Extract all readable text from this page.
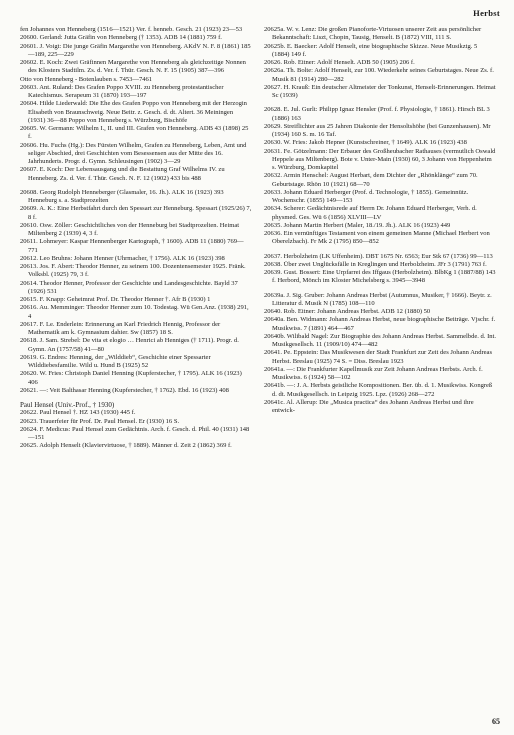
Herbst

fen Johannes von Henneberg (1516—1521) Ver. f. henneb. Gesch. 21 (1923) 23—53

20600. Gerland: Jutta Gräfin von Henneberg († 1353). ADB 14 (1881) 759 f.

20601. J. Voigt: Die junge Gräfin Margarethe von Henneberg. AKdV N. F. 8 (1861) 185—189, 225—229

20602. E. Koch: Zwei Gräfinnen Margarethe von Henneberg als gleichzeitige Nonnen des Klosters Stadtilm. Zs. d. Ver. f. Thür. Gesch. N. F. 15 (1905) 387—396

Otto von Henneberg - Botenlauben s. 7453—7461

20603. Ant. Ruland: Des Grafen Poppo XVIII. zu Henneberg protestantischer Katechismus. Serapeum 31 (1870) 193—197

20604. Hilde Liederwald: Die Ehe des Grafen Poppo von Henneberg mit der Herzogin Elisabeth von Braunschweig. Neue Beitr. z. Gesch. d. dt. Altert. 36 Meiningen (1931) 36—88 Poppo von Henneberg s. Würzburg, Bischöfe

20605. W. Germann: Wilhelm I., II. und III. Grafen von Henneberg. ADB 43 (1898) 25 f.

20606. Hu. Fuchs (Hg.): Des Fürsten Wilhelm, Grafen zu Henneberg, Leben, Amt und seliger Abschied, drei Geschichten vom Besessensen aus der Mitte des 16. Jahrhunderts. Progr. d. Gymn. Schleusingen (1902) 3—29

20607. E. Koch: Der Lebensausgang und die Bestattung Graf Wilhelms IV. zu Henneberg. Zs. d. Ver. f. Thür. Gesch. N. F. 12 (1902) 433 bis 488

20608. Georg Rudolph Henneberger (Glasmaler, 16. Jh.). ALK 16 (1923) 393 Henneburg s. a. Stadtprozelten

20609. A. K.: Eine Herbstfahrt durch den Spessart zur Henneburg. Spessart (1925/26) 7, 8 f.

20610. Osw. Zöller: Geschichtliches von der Henneburg bei Stadtprozelten. Heimat Miltenberg 2 (1939) 4, 3 f.

20611. Lohmeyer: Kaspar Hennenberger Kartograph, † 1600). ADB 11 (1880) 769—771

20612. Leo Bruhns: Johann Henner (Uhrmacher, † 1756). ALK 16 (1923) 398

20613. Jos. F. Abert: Theodor Henner, zu seinem 100. Dozentensemester 1925. Fränk. Volksbl. (1925) 79, 3 f.

20614. Theodor Henner, Professor der Geschichte und Landesgeschichte. Bayld 37 (1926) 531

20615. F. Knapp: Geheimrat Prof. Dr. Theodor Henner †. Afr B (1930) 1

20616. Au. Memminger: Theodor Henner zum 10. Todestag. Wü Gen.Anz. (1938) 291, 4

20617. F. Le. Enderlein: Erinnerung an Karl Friedrich Hennig, Professor der Mathematik am k. Gymnasium dahier. Sw (1857) 18 S.

20618. J. Sam. Strebel: De vita et elogio … Henrici ab Henniges († 1711). Progr. d. Gymn. An (1757/58) 41—80

20619. G. Endres: Henning, der „Wilddieb“, Geschichte einer Spessarter Wilddiebesfamilie. Wild u. Hund B (1925) 52

20620. W. Fries: Christoph Daniel Henning (Kupferstecher, † 1795). ALK 16 (1923) 406

20621. —: Veit Balthasar Henning (Kupferstecher, † 1762). Ebd. 16 (1923) 408

Paul Hensel (Univ.-Prof., † 1930)

20622. Paul Hensel †. HZ 143 (1930) 445 f.

20623. Trauerfeier für Prof. Dr. Paul Hensel. Er (1930) 16 S.

20624. F. Medicus: Paul Hensel zum Gedächtnis. Arch. f. Gesch. d. Phil. 40 (1931) 148—151

20625. Adolph Henselt (Klaviervirtuose, † 1889). Männer d. Zeit 2 (1862) 369 f.

20625a. W. v. Lenz: Die großen Pianoforte-Virtuosen unserer Zeit aus persönlicher Bekanntschaft: Liszt, Chopin, Tausig, Henselt. B (1872) VIII, 111 S.

20625b. E. Baecker: Adolf Henselt, eine biographische Skizze. Neue Musikztg. 5 (1884) 149 f.

20626. Rob. Eitner: Adolf Henselt. ADB 50 (1905) 206 f.

20626a. Th. Bolte: Adolf Henselt, zur 100. Wiederkehr seines Geburtstages. Neue Zs. f. Musik 81 (1914) 280—282

20627. H. Krauß: Ein deutscher Altmeister der Tonkunst, Henselt-Erinnerungen. Heimat Sc (1939)

20628. E. Jul. Gurlt: Philipp Ignaz Hensler (Prof. f. Physiologie, † 1861). Hirsch BL 3 (1886) 163

20629. Streiflichter aus 25 Jahren Diakonie der Hensoltshöhe (bei Gunzenhausen). Mr (1934) 160 S. m. 16 Taf.

20630. W. Fries: Jakob Hepner (Kunstschreiner, † 1649). ALK 16 (1923) 438

20631. Fe. Götzelmann: Der Erbauer des Großheubacher Rathauses (vermutlich Oswald Heppele aus Miltenberg). Bote v. Unter-Main (1930) 60, 3 Johann von Heppenheim s. Würzburg, Domkapitel

20632. Armin Henschel: August Herbart, dem Dichter der „Rhönklänge“ zum 70. Geburtstage. Rhön 10 (1921) 68—70

20633. Johann Eduard Herberger (Prof. d. Technologie, † 1855). Gemeinnütz. Wochenschr. (1855) 149—153

20634. Scherer: Gedächtnisrede auf Herrn Dr. Johann Eduard Herberger, Verh. d. physmed. Ges. Wü 6 (1856) XLVIII—LV

20635. Johann Martin Herbert (Maler, 18./19. Jh.). ALK 16 (1923) 449

20636. Ein vernünftiges Testament von einem gemeinen Manne (Michael Herbert von Oberelzbach). Fr Mk 2 (1795) 850—852

20637. Herbolzheim (LK Uffenheim). DBT 1675 Nr. 6563; Eur Stk 67 (1736) 99—113

20638. Über zwei Unglücksfälle in Kreglingen und Herbolzheim. JFr 3 (1791) 763 f.

20639. Gust. Bossert: Eine Urpfarrei des Iffgaus (Herbolzheim). BlbKg 1 (1887/88) 143 f. Herbord, Mönch im Kloster Michelsberg s. 3945—3948

20639a. J. Sig. Gruber: Johann Andreas Herbst (Autumnus, Musiker, † 1666). Beytr. z. Litteratur d. Musik N (1785) 108—110

20640. Rob. Eitner: Johann Andreas Herbst. ADB 12 (1880) 50

20640a. Ben. Widmann: Johann Andreas Herbst, neue biographische Beiträge. Vjschr. f. Musikwiss. 7 (1891) 464—467

20640b. Wilibald Nagel: Zur Biographie des Johann Andreas Herbst. Sammelbde. d. Int. Musikgesellsch. 11 (1909/10) 474—482

20641. Pe. Eppstein: Das Musikwesen der Stadt Frankfurt zur Zeit des Johann Andreas Herbst. Breslau (1925) 74 S. = Diss. Breslau 1923

20641a. —: Die Frankfurter Kapellmusik zur Zeit Johann Andreas Herbsts. Arch. f. Musikwiss. 6 (1924) 58—102

20641b. —: J. A. Herbsts geistliche Kompositionen. Ber. üb. d. 1. Musikwiss. Kongreß d. dt. Musikgesellsch. in Leipzig 1925. Lpz. (1926) 268—272

20641c. Al. Allerup: Die „Musica practica“ des Johann Andreas Herbst und ihre entwick-

65
